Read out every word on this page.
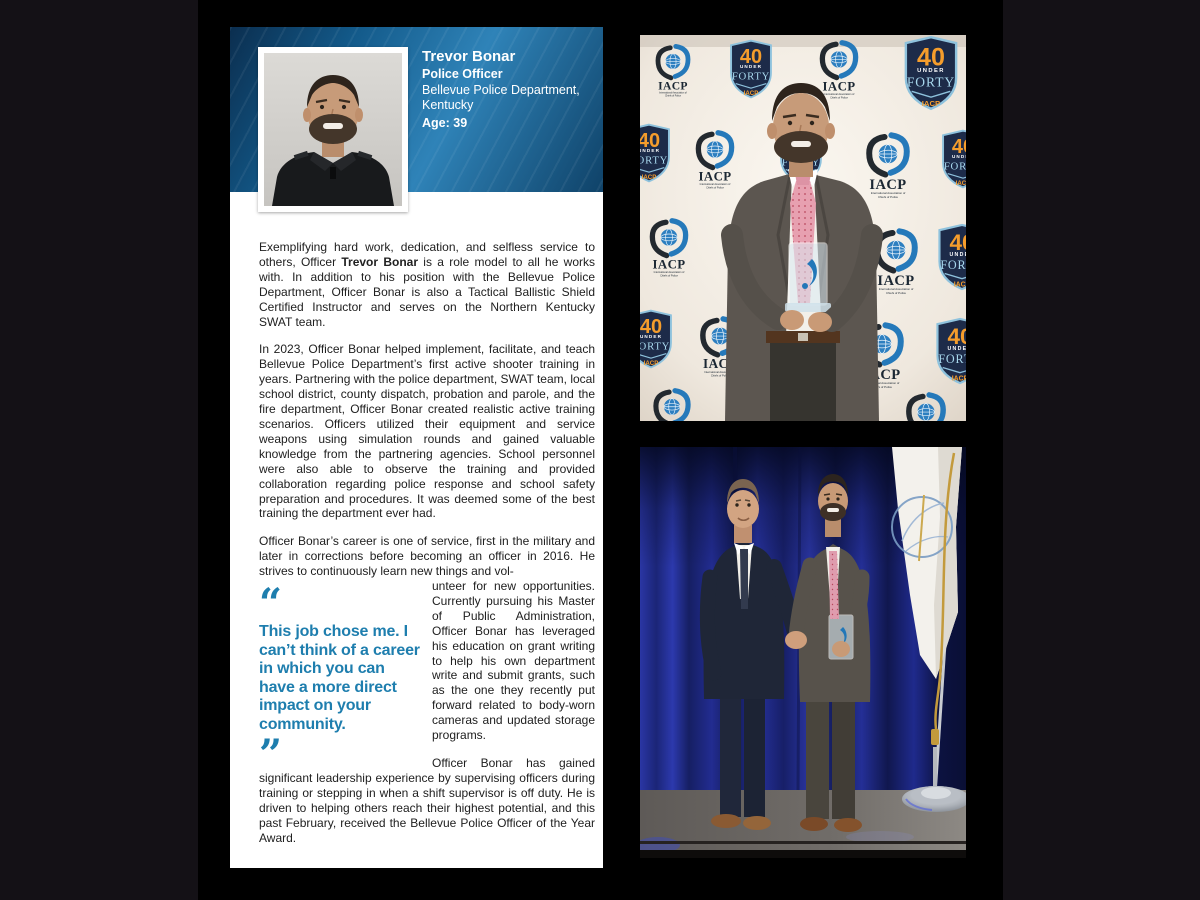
Trevor Bonar
Police Officer
Bellevue Police Department,
Kentucky
Age: 39

Exemplifying hard work, dedication, and selfless service to others, Officer Trevor Bonar is a role model to all he works with. In addition to his position with the Bellevue Police Department, Officer Bonar is also a Tactical Ballistic Shield Certified Instructor and serves on the Northern Kentucky SWAT team.

In 2023, Officer Bonar helped implement, facilitate, and teach Bellevue Police Department’s first active shooter training in years. Partnering with the police department, SWAT team, local school district, county dispatch, probation and parole, and the fire department, Officer Bonar created realistic active training scenarios. Officers utilized their equipment and service weapons using simulation rounds and gained valuable knowledge from the partnering agencies. School personnel were also able to observe the training and provided collaboration regarding police response and school safety preparation and procedures. It was deemed some of the best training the department ever had.

Officer Bonar’s career is one of service, first in the military and later in corrections before becoming an officer in 2016. He strives to continuously learn new things and vol-

“
This job chose me. I can’t think of a career in which you can have a more direct impact on your community.
”

unteer for new opportunities. Currently pursuing his Master of Public Administration, Officer Bonar has leveraged his education on grant writing to help his own department write and submit grants, such as the one they recently put forward related to body-worn cameras and updated storage programs.

Officer Bonar has gained significant leadership experience by supervising officers during training or stepping in when a shift supervisor is off duty. He is driven to helping others reach their highest potential, and this past February, received the Bellevue Police Officer of the Year Award.
